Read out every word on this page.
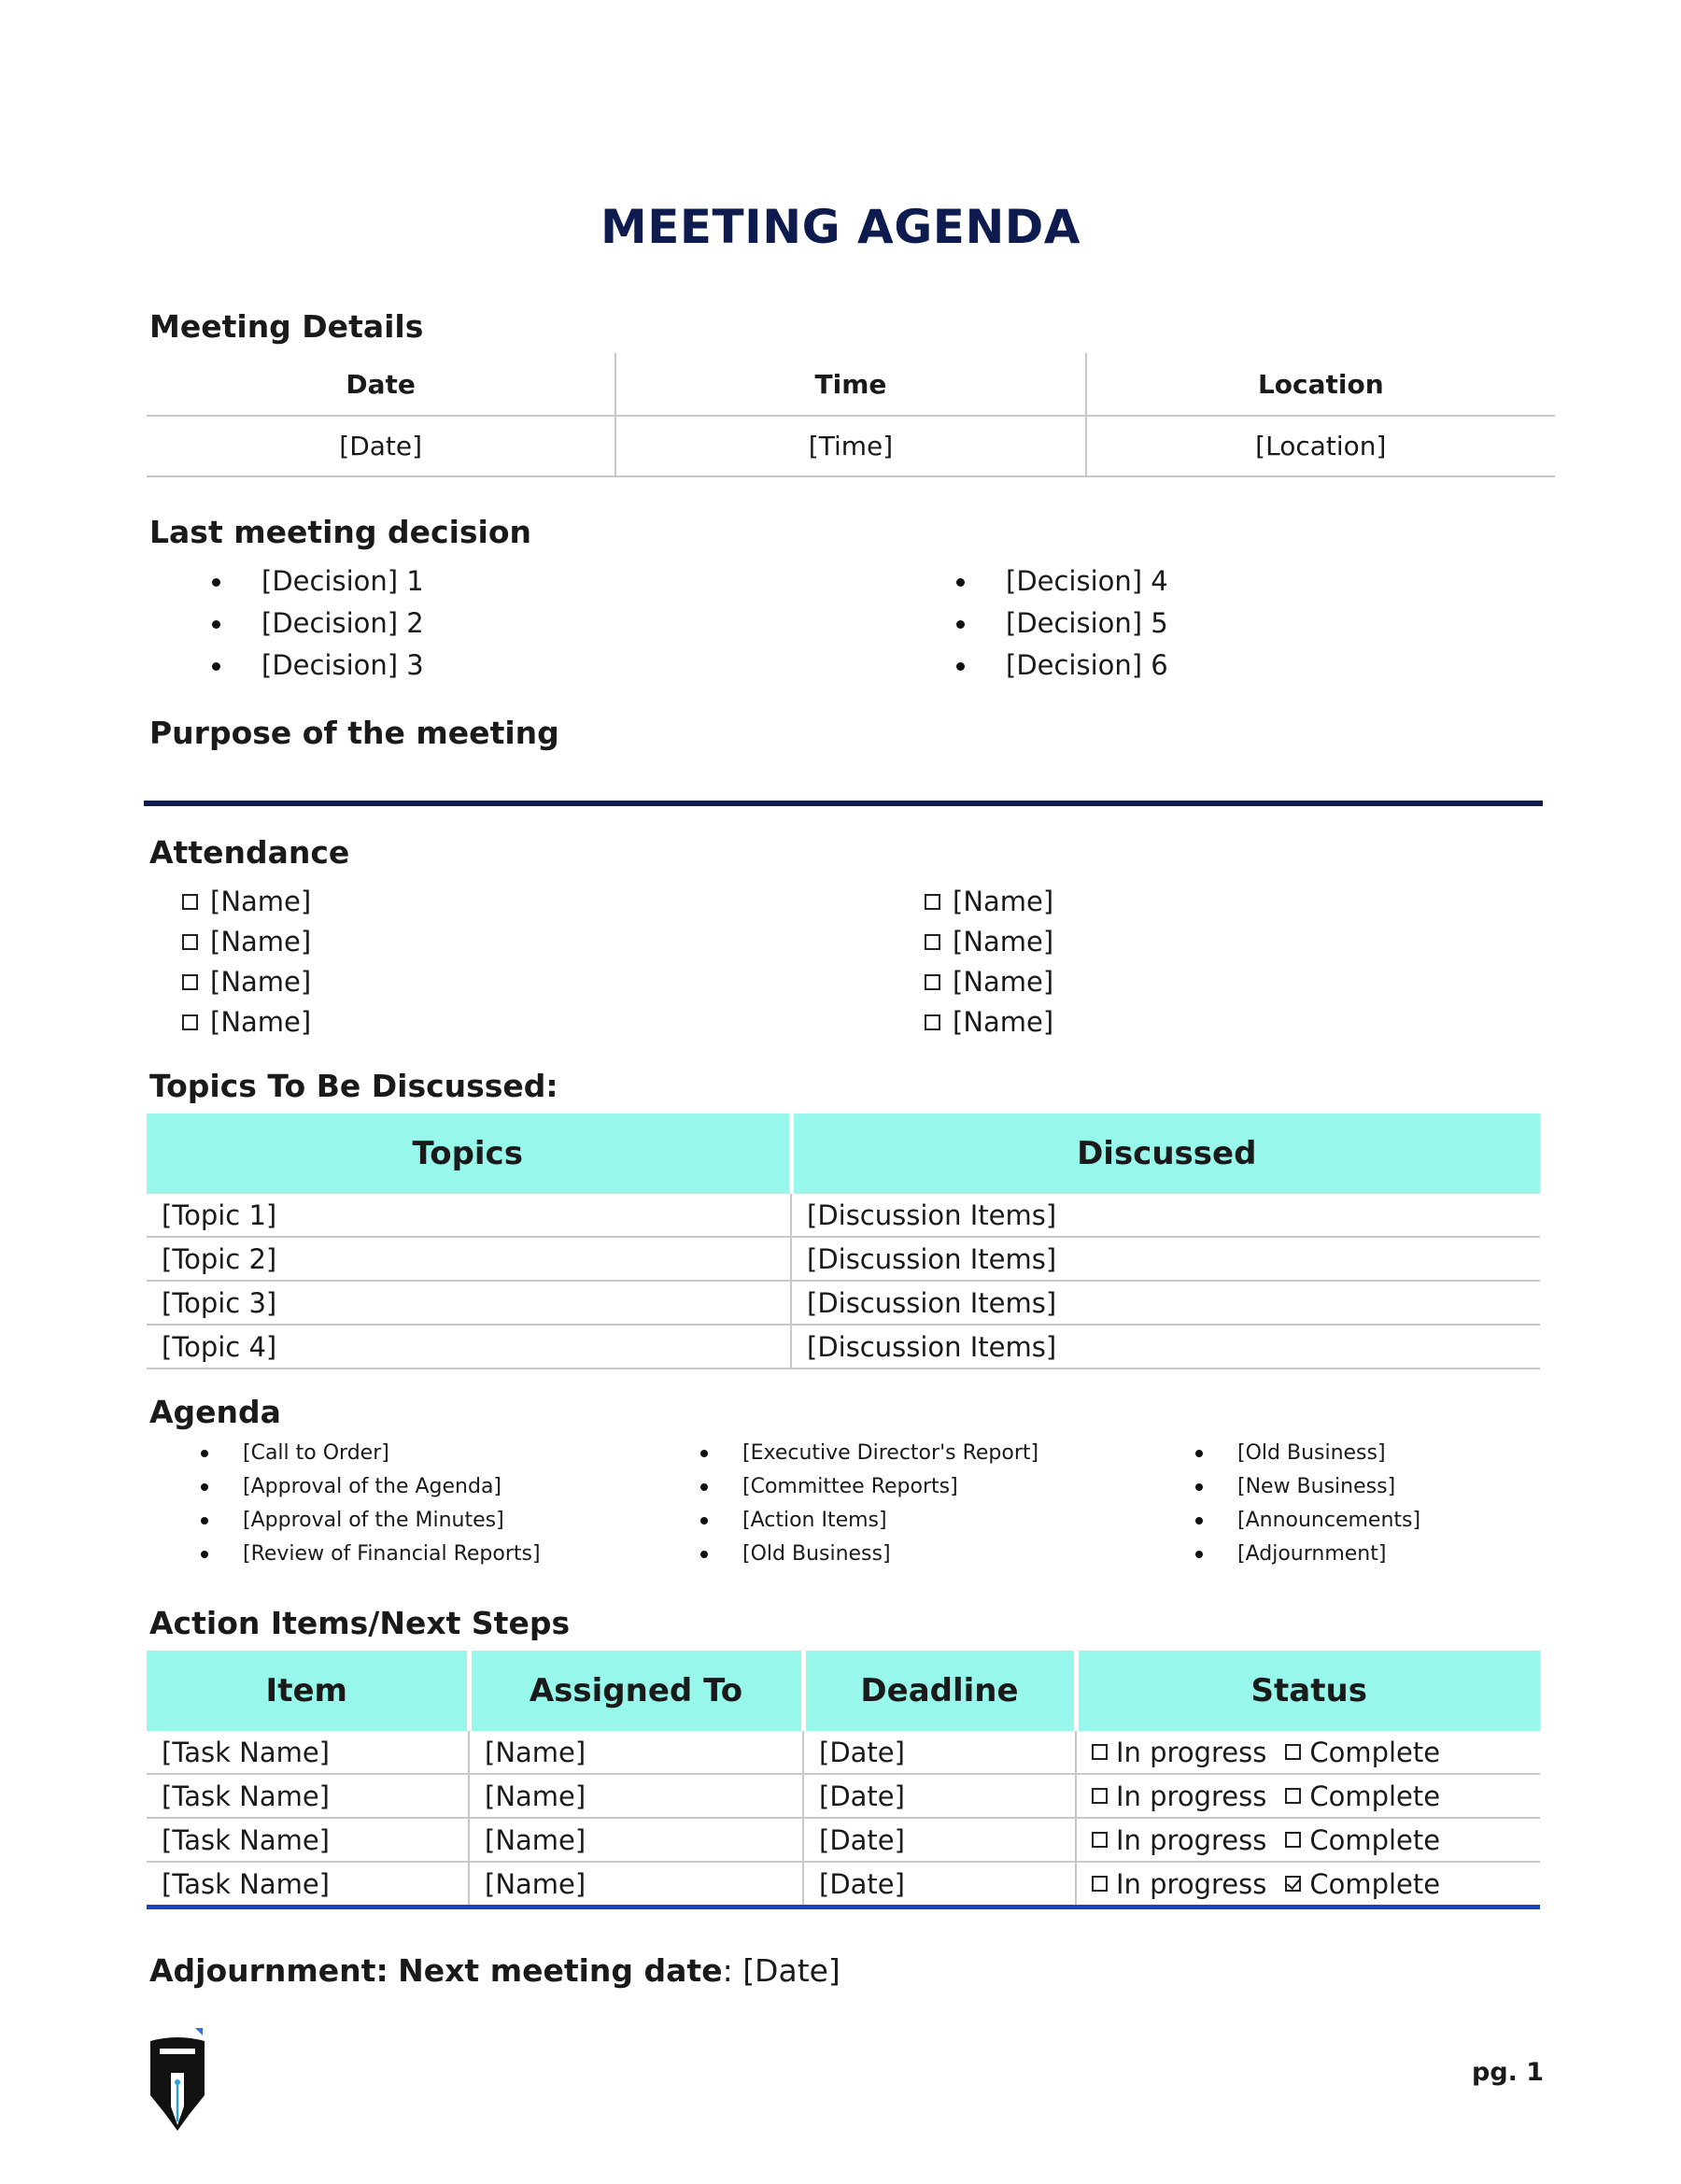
MEETING AGENDA
Meeting Details
Date	Time	Location
[Date]	[Time]	[Location]
Last meeting decision
[Decision] 1
[Decision] 2
[Decision] 3
[Decision] 4
[Decision] 5
[Decision] 6
Purpose of the meeting
Attendance
[Name]
[Name]
[Name]
[Name]
[Name]
[Name]
[Name]
[Name]
Topics To Be Discussed:
Topics	Discussed
[Topic 1]	[Discussion Items]
[Topic 2]	[Discussion Items]
[Topic 3]	[Discussion Items]
[Topic 4]	[Discussion Items]
Agenda
[Call to Order]
[Approval of the Agenda]
[Approval of the Minutes]
[Review of Financial Reports]
[Executive Director's Report]
[Committee Reports]
[Action Items]
[Old Business]
[Old Business]
[New Business]
[Announcements]
[Adjournment]
Action Items/Next Steps
Item	Assigned To	Deadline	Status
[Task Name]	[Name]	[Date]	In progress Complete

[Task Name]	[Name]	[Date]	In progress Complete

[Task Name]	[Name]	[Date]	In progress Complete

[Task Name]	[Name]	[Date]	In progress Complete
Adjournment: Next meeting date: [Date]
pg. 1
